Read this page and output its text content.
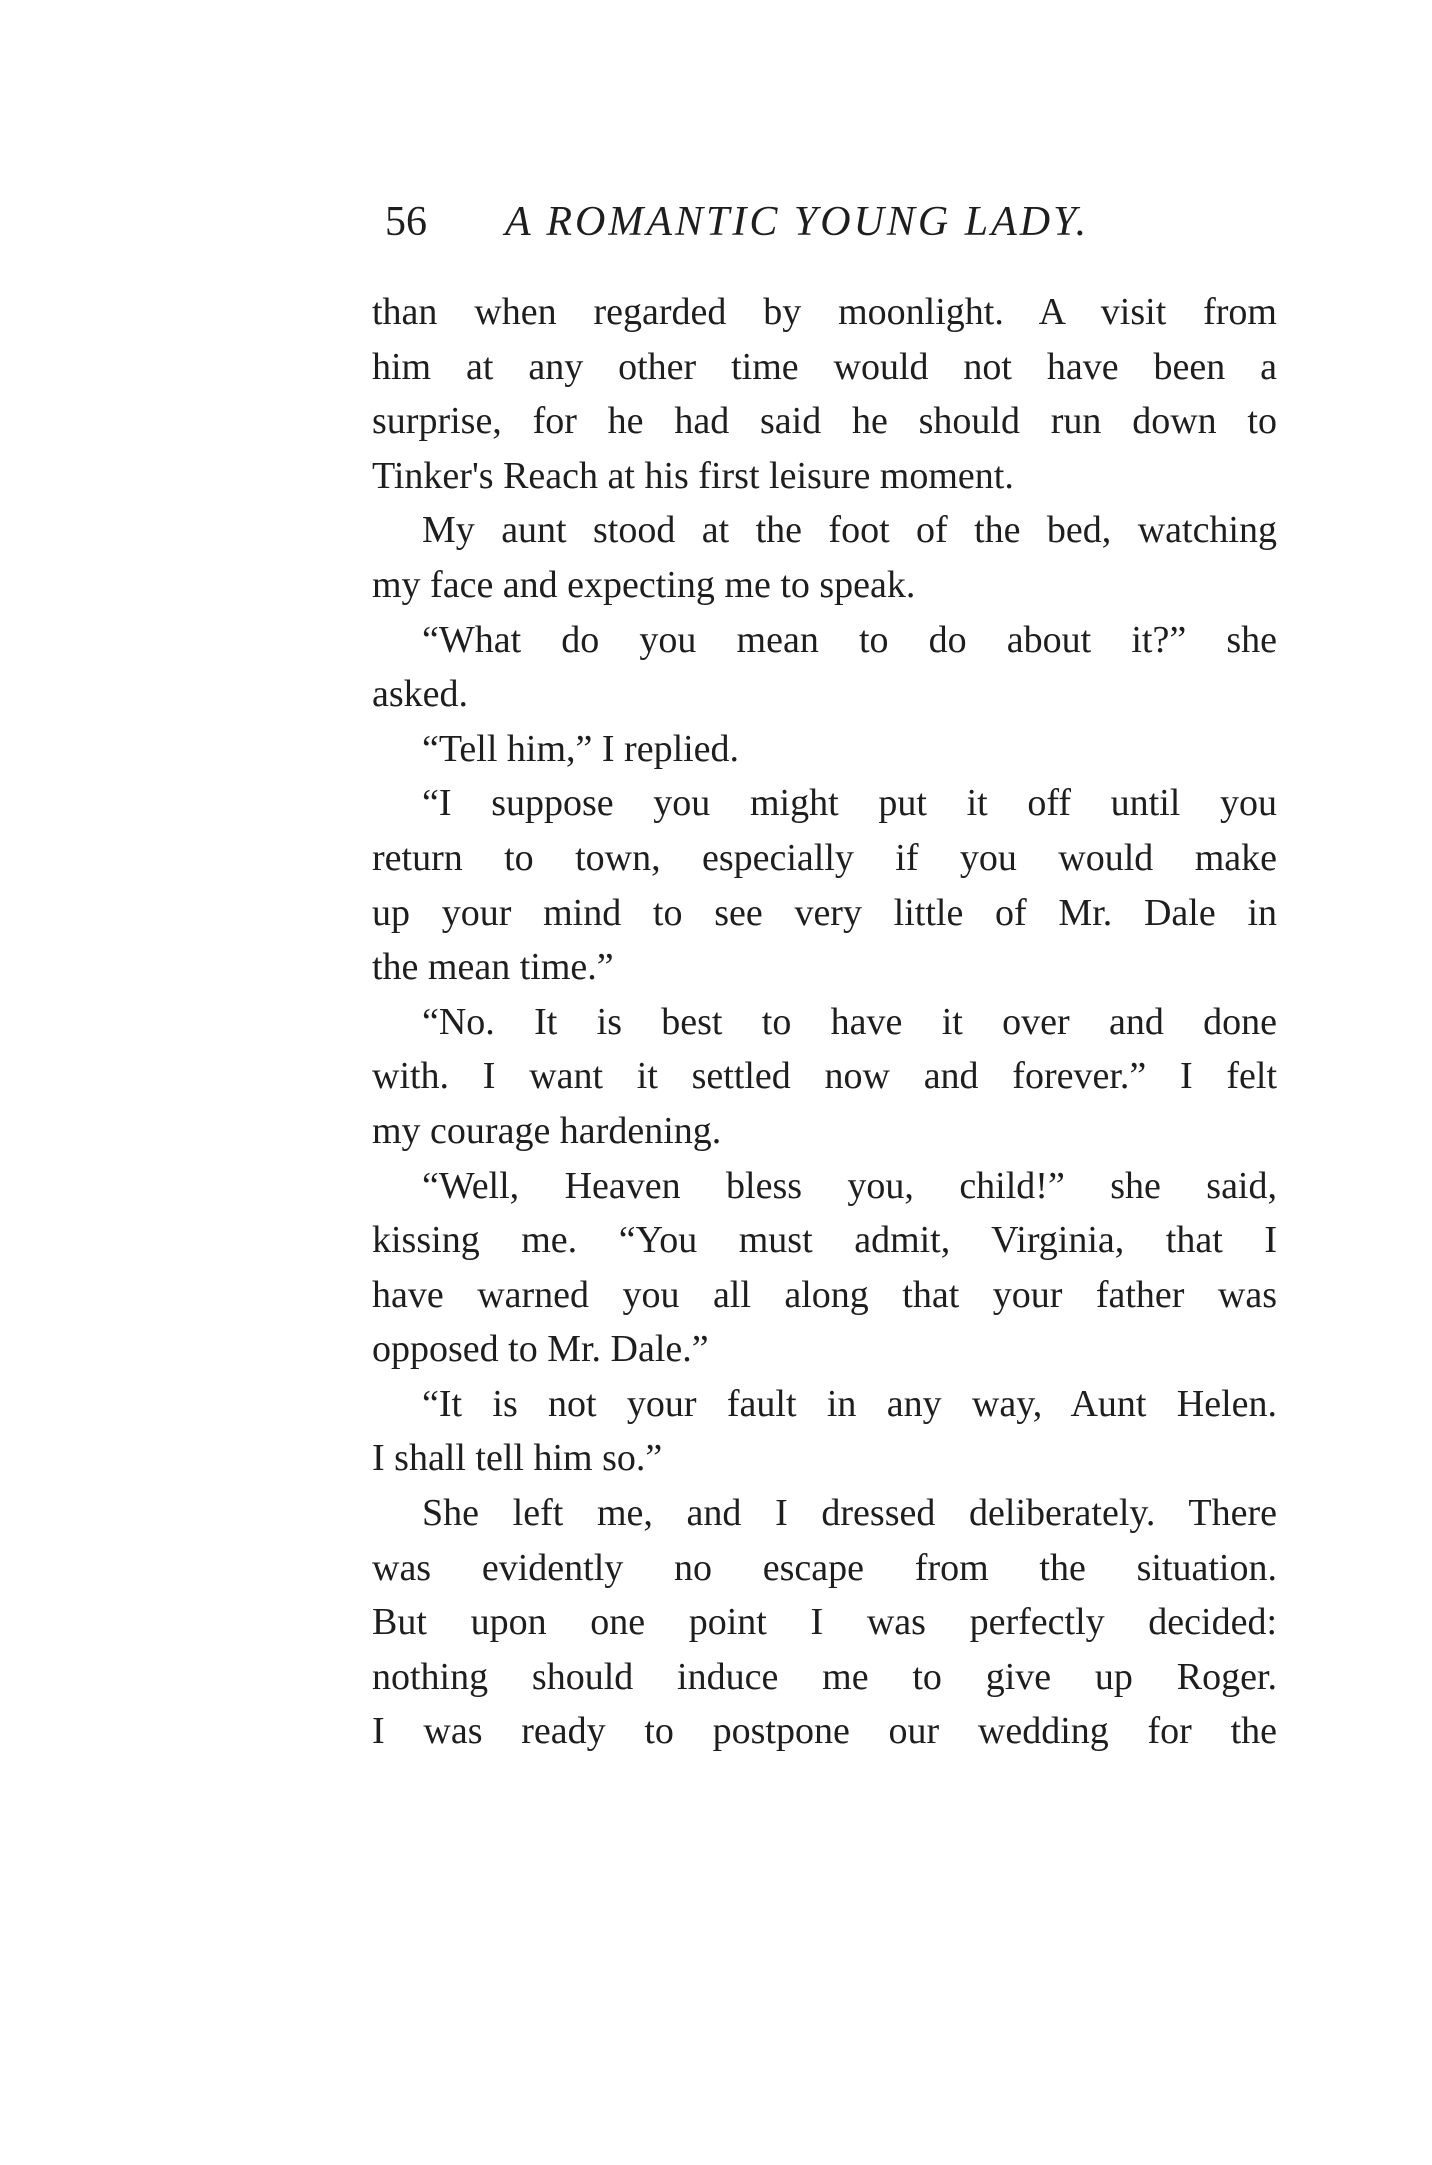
56 A ROMANTIC YOUNG LADY.
than when regarded by moonlight. A visit from
him at any other time would not have been a
surprise, for he had said he should run down to
Tinker's Reach at his first leisure moment.
My aunt stood at the foot of the bed, watching
my face and expecting me to speak.
“What do you mean to do about it?” she
asked.
“Tell him,” I replied.
“I suppose you might put it off until you
return to town, especially if you would make
up your mind to see very little of Mr. Dale in
the mean time.”
“No. It is best to have it over and done
with. I want it settled now and forever.” I felt
my courage hardening.
“Well, Heaven bless you, child!” she said,
kissing me. “You must admit, Virginia, that I
have warned you all along that your father was
opposed to Mr. Dale.”
“It is not your fault in any way, Aunt Helen.
I shall tell him so.”
She left me, and I dressed deliberately. There
was evidently no escape from the situation.
But upon one point I was perfectly decided:
nothing should induce me to give up Roger.
I was ready to postpone our wedding for the
